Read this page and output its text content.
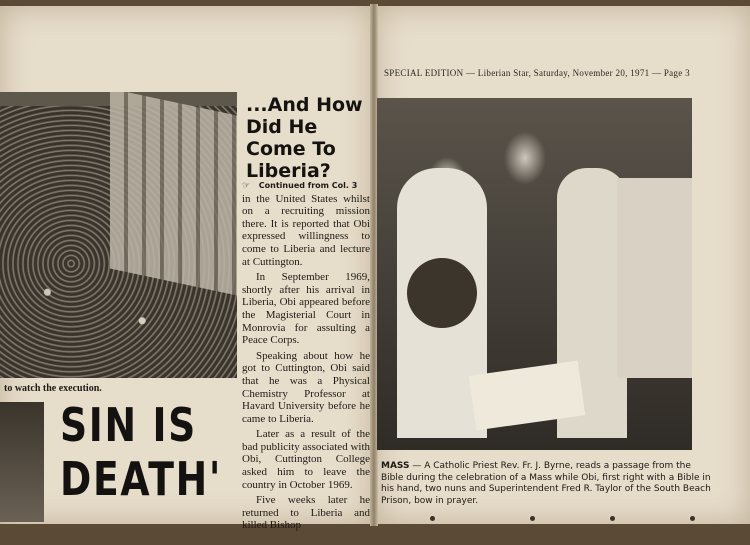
to watch the execution.
SIN IS
DEATH'
...And How Did He Come To Liberia?
☞ Continued from Col. 3

in the United States whilst on a recruiting mission there. It is reported that Obi expressed willingness to come to Liberia and lecture at Cuttington.

In September 1969, shortly after his arrival in Liberia, Obi appeared before the Magisterial Court in Monrovia for assulting a Peace Corps.

Speaking about how he got to Cuttington, Obi said that he was a Physical Chemistry Professor at Havard University before he came to Liberia.

Later as a result of the bad publicity associated with Obi, Cuttington College asked him to leave the country in October 1969.

Five weeks later he returned to Liberia and killed Bishop

SPECIAL EDITION — Liberian Star, Saturday, November 20, 1971 — Page 3
MASS — A Catholic Priest Rev. Fr. J. Byrne, reads a passage from the Bible during the celebration of a Mass while Obi, first right with a Bible in his hand, two nuns and Superintendent Fred R. Taylor of the South Beach Prison, bow in prayer.
